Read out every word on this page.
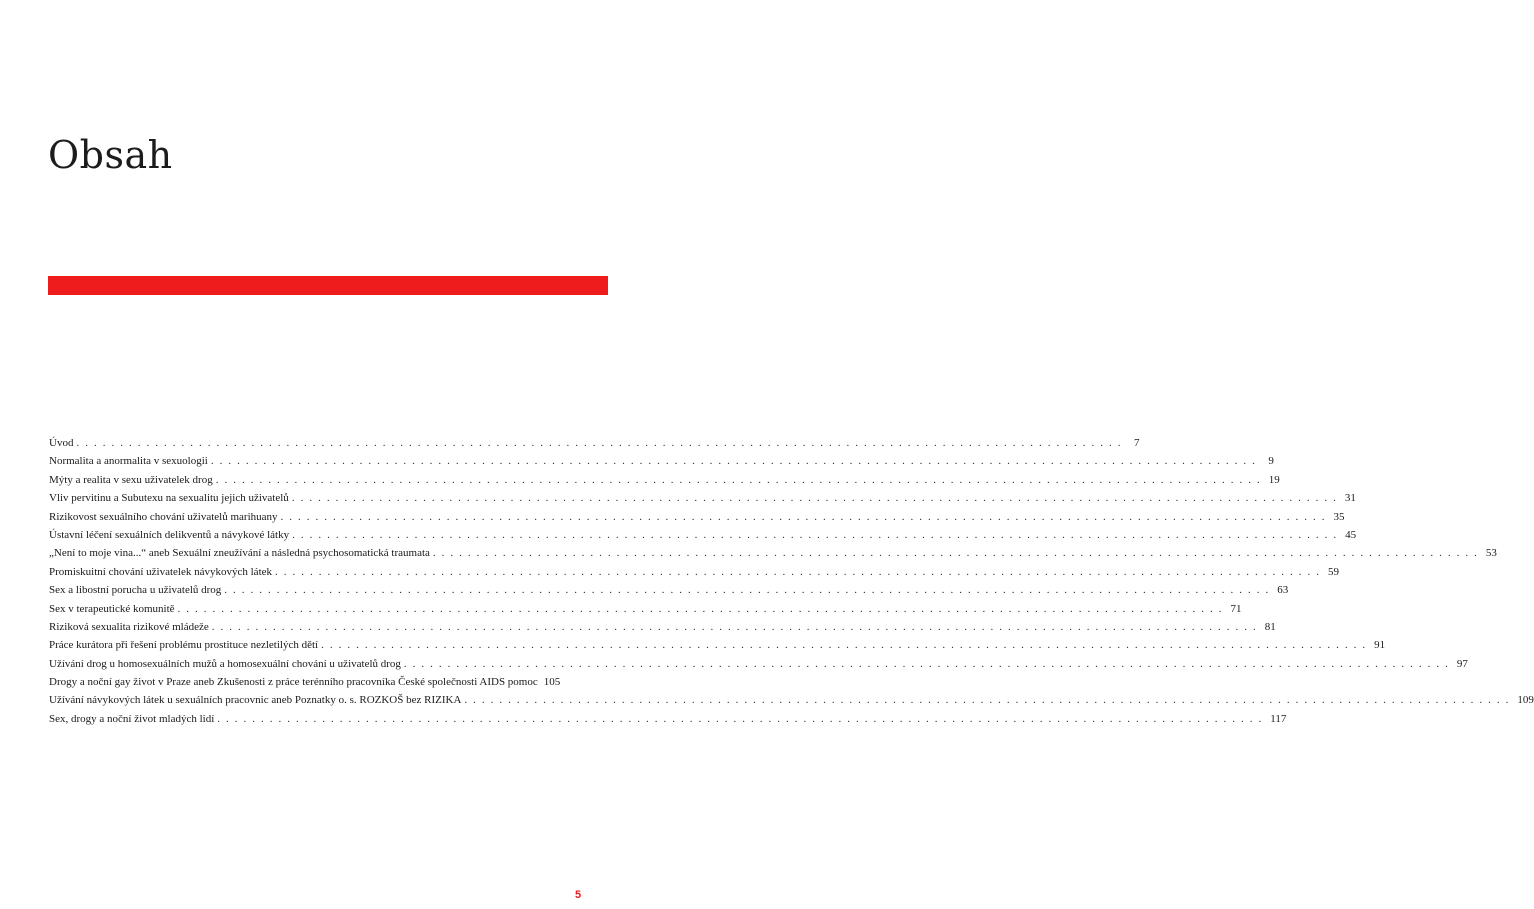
Obsah
Úvod ........................................................................................................................ 7
Normalita a anormalita v sexuologii ........................................................................................................................ 9
Mýty a realita v sexu uživatelek drog ........................................................................................................................ 19
Vliv pervitinu a Subutexu na sexualitu jejich uživatelů ........................................................................................................................ 31
Rizikovost sexuálního chování uživatelů marihuany ........................................................................................................................ 35
Ústavní léčení sexuálních delikventů a návykové látky ........................................................................................................................ 45
„Není to moje vina...“ aneb Sexuální zneužívání a následná psychosomatická traumata ........................................................................................................................ 53
Promiskuitní chování uživatelek návykových látek ........................................................................................................................ 59
Sex a libostní porucha u uživatelů drog ........................................................................................................................ 63
Sex v terapeutické komunitě ........................................................................................................................ 71
Riziková sexualita rizikové mládeže ........................................................................................................................ 81
Práce kurátora při řešení problému prostituce nezletilých dětí ........................................................................................................................ 91
Užívání drog u homosexuálních mužů a homosexuální chování u uživatelů drog ........................................................................................................................ 97
Drogy a noční gay život v Praze aneb Zkušenosti z práce terénního pracovníka České společnosti AIDS pomoc 105
Užívání návykových látek u sexuálních pracovnic aneb Poznatky o. s. ROZKOŠ bez RIZIKA ........................................................................................................................ 109
Sex, drogy a noční život mladých lidí ........................................................................................................................ 117
5
